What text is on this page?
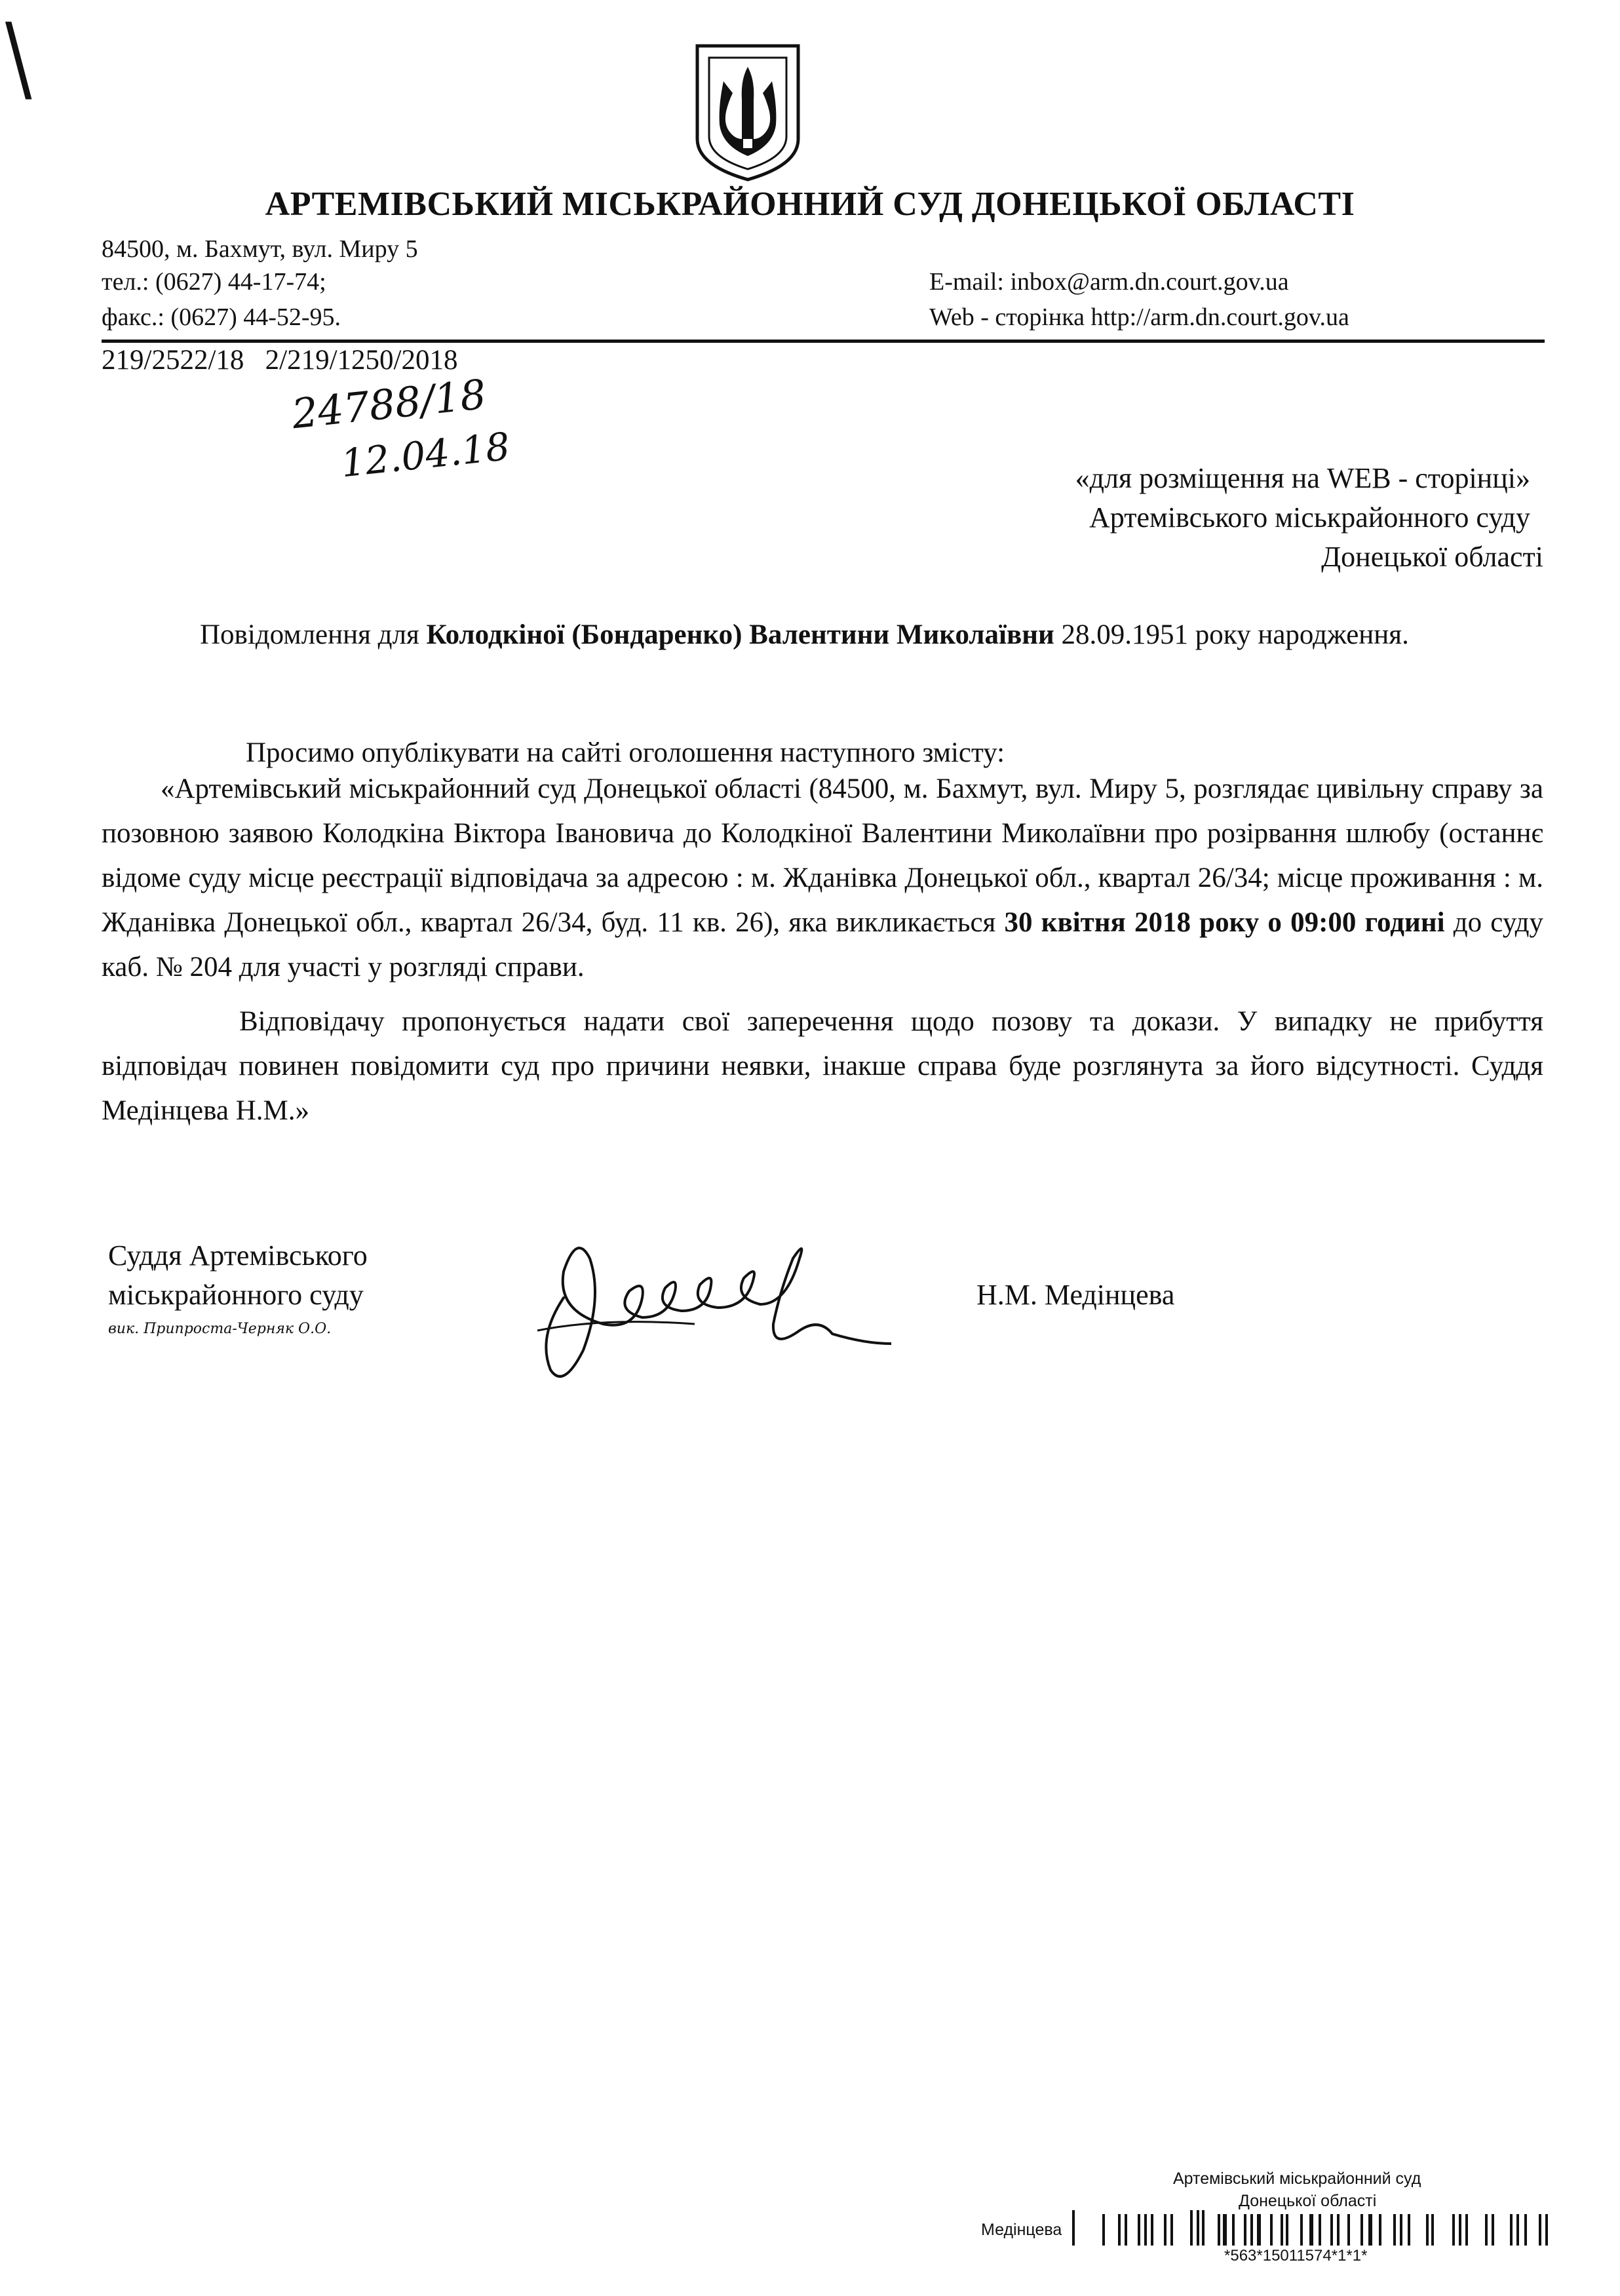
\
АРТЕМІВСЬКИЙ МІСЬКРАЙОННИЙ СУД ДОНЕЦЬКОЇ ОБЛАСТІ
84500, м. Бахмут, вул. Миру 5
тел.: (0627) 44-17-74;
факс.: (0627) 44-52-95.
E-mail: inbox@arm.dn.court.gov.ua
Web - сторінка http://arm.dn.court.gov.ua
219/2522/18   2/219/1250/2018
24788/18
12.04.18	«для розміщення на WEB - сторінці»
Артемівського міськрайонного суду
Донецької області
Повідомлення для Колодкіної (Бондаренко) Валентини Миколаївни 28.09.1951 року народження.
Просимо опублікувати на сайті оголошення наступного змісту:
«Артемівський міськрайонний суд Донецької області (84500, м. Бахмут, вул. Миру 5, розглядає цивільну справу за позовною заявою Колодкіна Віктора Івановича до Колодкіної Валентини Миколаївни про розірвання шлюбу (останнє відоме суду місце реєстрації відповідача за адресою : м. Жданівка Донецької обл., квартал 26/34; місце проживання : м. Жданівка Донецької обл., квартал 26/34, буд. 11 кв. 26), яка викликається 30 квітня 2018 року о 09:00 годині до суду каб. № 204 для участі у розгляді справи.
Відповідачу пропонується надати свої заперечення щодо позову та докази. У випадку не прибуття відповідач повинен повідомити суд про причини неявки, інакше справа буде розглянута за його відсутності. Суддя Медінцева Н.М.»
Суддя Артемівського
міськрайонного суду
вик. Припроста-Черняк О.О.
Н.М. Медінцева
Артемівський міськрайонний суд
Донецької області
Медінцева
*563*15011574*1*1*
